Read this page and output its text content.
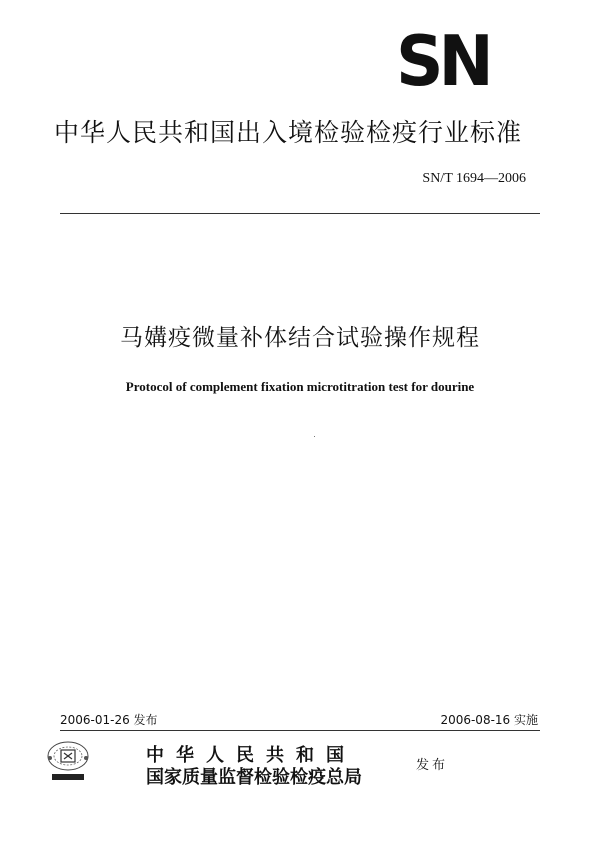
SN
中华人民共和国出入境检验检疫行业标准
SN/T 1694—2006
马媾疫微量补体结合试验操作规程
Protocol of complement fixation microtitration test for dourine
2006-01-26 发布	2006-08-16 实施
中华人民共和国
国家质量监督检验检疫总局
发布
